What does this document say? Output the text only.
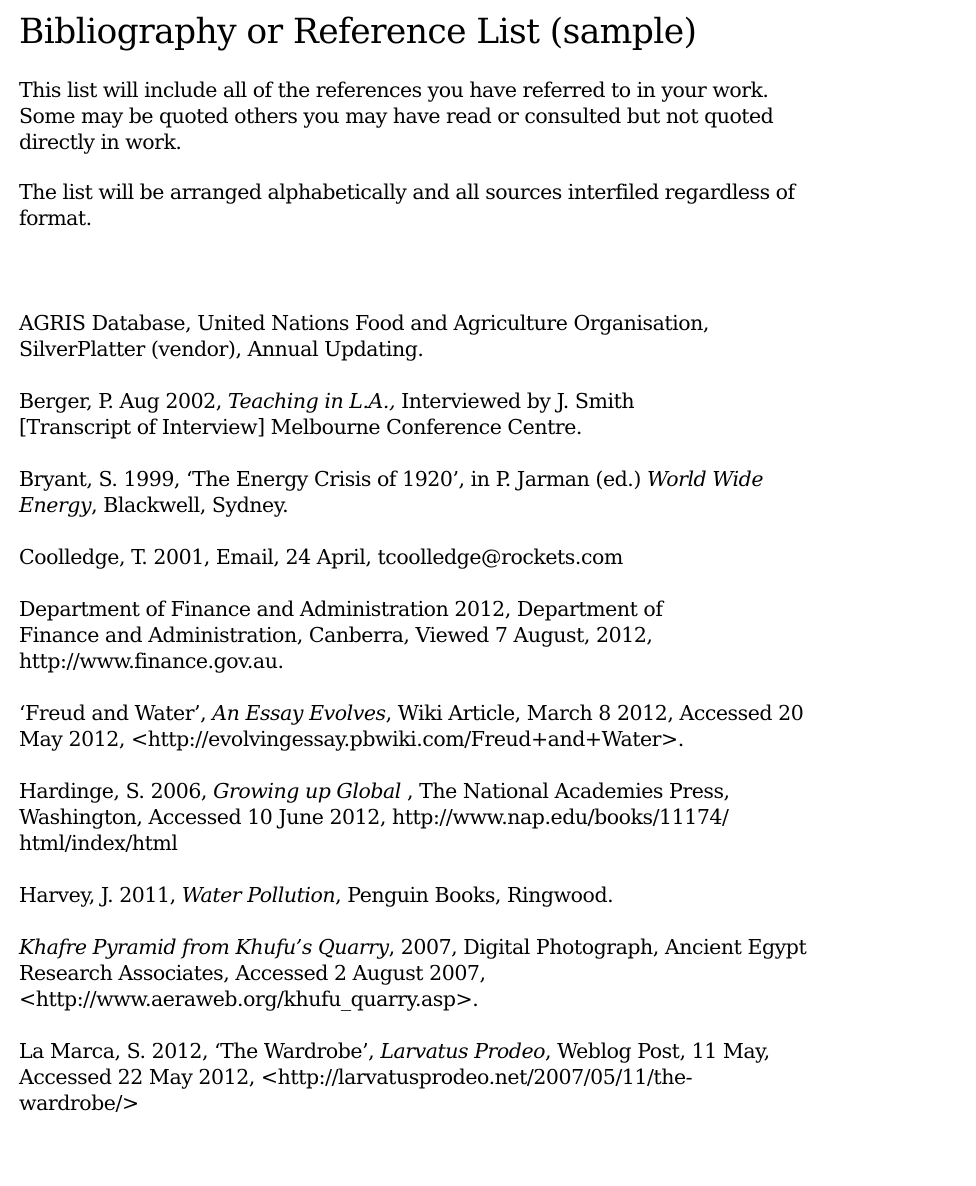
Bibliography or Reference List (sample)
This list will include all of the references you have referred to in your work.
Some may be quoted others you may have read or consulted but not quoted
directly in work.
The list will be arranged alphabetically and all sources interfiled regardless of
format.

AGRIS Database, United Nations Food and Agriculture Organisation,
SilverPlatter (vendor), Annual Updating.

Berger, P. Aug 2002, Teaching in L.A., Interviewed by J. Smith
[Transcript of Interview] Melbourne Conference Centre.

Bryant, S. 1999, ‘The Energy Crisis of 1920’, in P. Jarman (ed.) World Wide
Energy, Blackwell, Sydney.

Coolledge, T. 2001, Email, 24 April, tcoolledge@rockets.com

Department of Finance and Administration 2012, Department of
Finance and Administration, Canberra, Viewed 7 August, 2012,
http://www.finance.gov.au.

‘Freud and Water’, An Essay Evolves, Wiki Article, March 8 2012, Accessed 20
May 2012, <http://evolvingessay.pbwiki.com/Freud+and+Water>.

Hardinge, S. 2006, Growing up Global , The National Academies Press,
Washington, Accessed 10 June 2012, http://www.nap.edu/books/11174/
html/index/html

Harvey, J. 2011, Water Pollution, Penguin Books, Ringwood.

Khafre Pyramid from Khufu’s Quarry, 2007, Digital Photograph, Ancient Egypt
Research Associates, Accessed 2 August 2007,
<http://www.aeraweb.org/khufu_quarry.asp>.

La Marca, S. 2012, ‘The Wardrobe’, Larvatus Prodeo, Weblog Post, 11 May,
Accessed 22 May 2012, <http://larvatusprodeo.net/2007/05/11/the-
wardrobe/>
